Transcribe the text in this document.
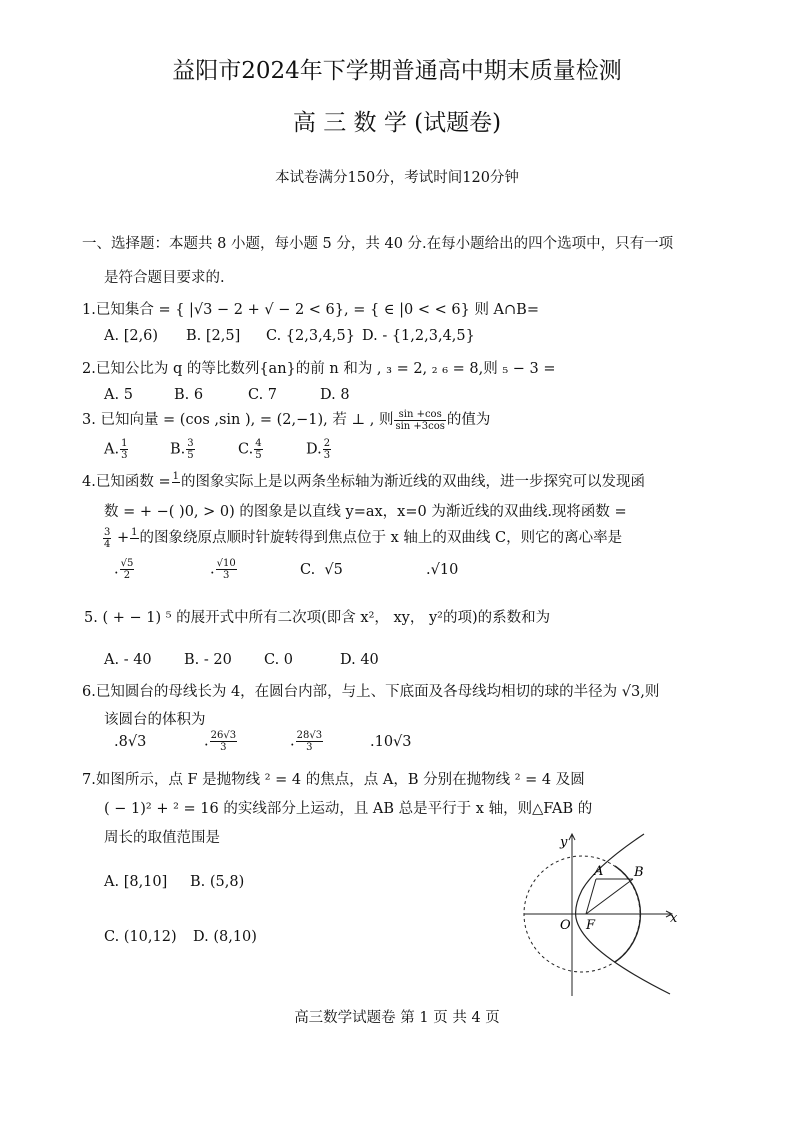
益阳市2024年下学期普通高中期末质量检测
高 三 数 学 (试题卷)
本试卷满分150分，考试时间120分钟
一、选择题：本题共 8 小题，每小题 5 分，共 40 分.在每小题给出的四个选项中，只有一项
是符合题目要求的.
1.已知集合 = { |√3 − 2 + √ − 2 < 6}, = { ∈ |0 < < 6} 则 A∩B=
A. [2,6) B. [2,5] C. {2,3,4,5} D. - {1,2,3,4,5}
2.已知公比为 q 的等比数列{an}的前 n 和为 , ₃ = 2, ₂ ₆ = 8,则 ₅ − 3 =
A. 5	B. 6	C. 7	D. 8
3. 已知向量 = (cos ,sin ), = (2,−1), 若 ⊥ , 则 $\frac{\sin +\cos}{\sin +3\cos}$ 的值为
A. $\frac{1}{3}$	B. $\frac{3}{5}$	C. $\frac{4}{5}$	D. $\frac{2}{3}$
4.已知函数 = 1
的图象实际上是以两条坐标轴为渐近线的双曲线，进一步探究可以发现函
数 = + −( )0, > 0) 的图象是以直线 y=ax，x=0 为渐近线的双曲线.现将函数 =
$\frac{3}{4} + 1$
的图象绕原点顺时针旋转得到焦点位于 x 轴上的双曲线 C，则它的离心率是
. $\frac{√5}{2}$	. $\frac{√10}{3}$	C. √5	.√10
5. ( + − 1) ⁵ 的展开式中所有二次项(即含 x²， xy， y²的项)的系数和为
A. - 40 B. - 20 C. 0	D. 40
6.已知圆台的母线长为 4，在圆台内部，与上、下底面及各母线均相切的球的半径为 √3,则
该圆台的体积为
.8√3	. $\frac{26√3}{3}$	. $\frac{28√3}{3}$	.10√3
7.如图所示，点 F 是抛物线 ² = 4 的焦点，点 A，B 分别在抛物线 ² = 4 及圆
( − 1)² + ² = 16 的实线部分上运动，且 AB 总是平行于 x 轴，则△FAB 的
周长的取值范围是
A. [8,10] B. (5,8)
C. (10,12) D. (8,10)
y
x
O F
A B
高三数学试题卷 第 1 页 共 4 页
